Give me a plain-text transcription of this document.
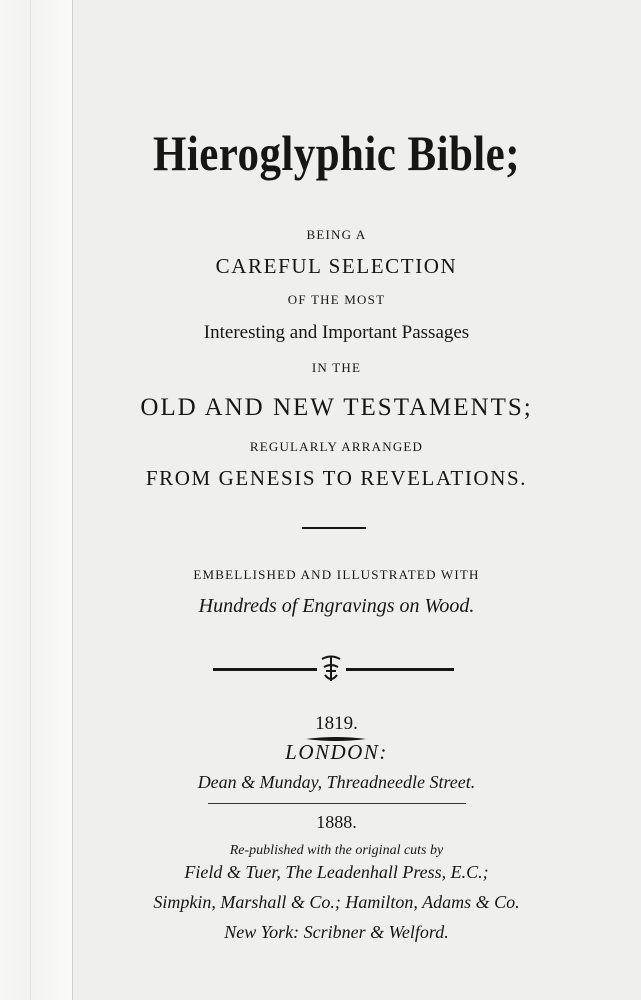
Hieroglyphic Bible;

BEING A

CAREFUL SELECTION

OF THE MOST

Interesting and Important Passages

IN THE

OLD AND NEW TESTAMENTS;

REGULARLY ARRANGED

FROM GENESIS TO REVELATIONS.

EMBELLISHED AND ILLUSTRATED WITH

Hundreds of Engravings on Wood.

1819.

LONDON:

Dean & Munday, Threadneedle Street.

1888.

Re-published with the original cuts by

Field & Tuer, The Leadenhall Press, E.C.;

Simpkin, Marshall & Co.; Hamilton, Adams & Co.

New York: Scribner & Welford.
